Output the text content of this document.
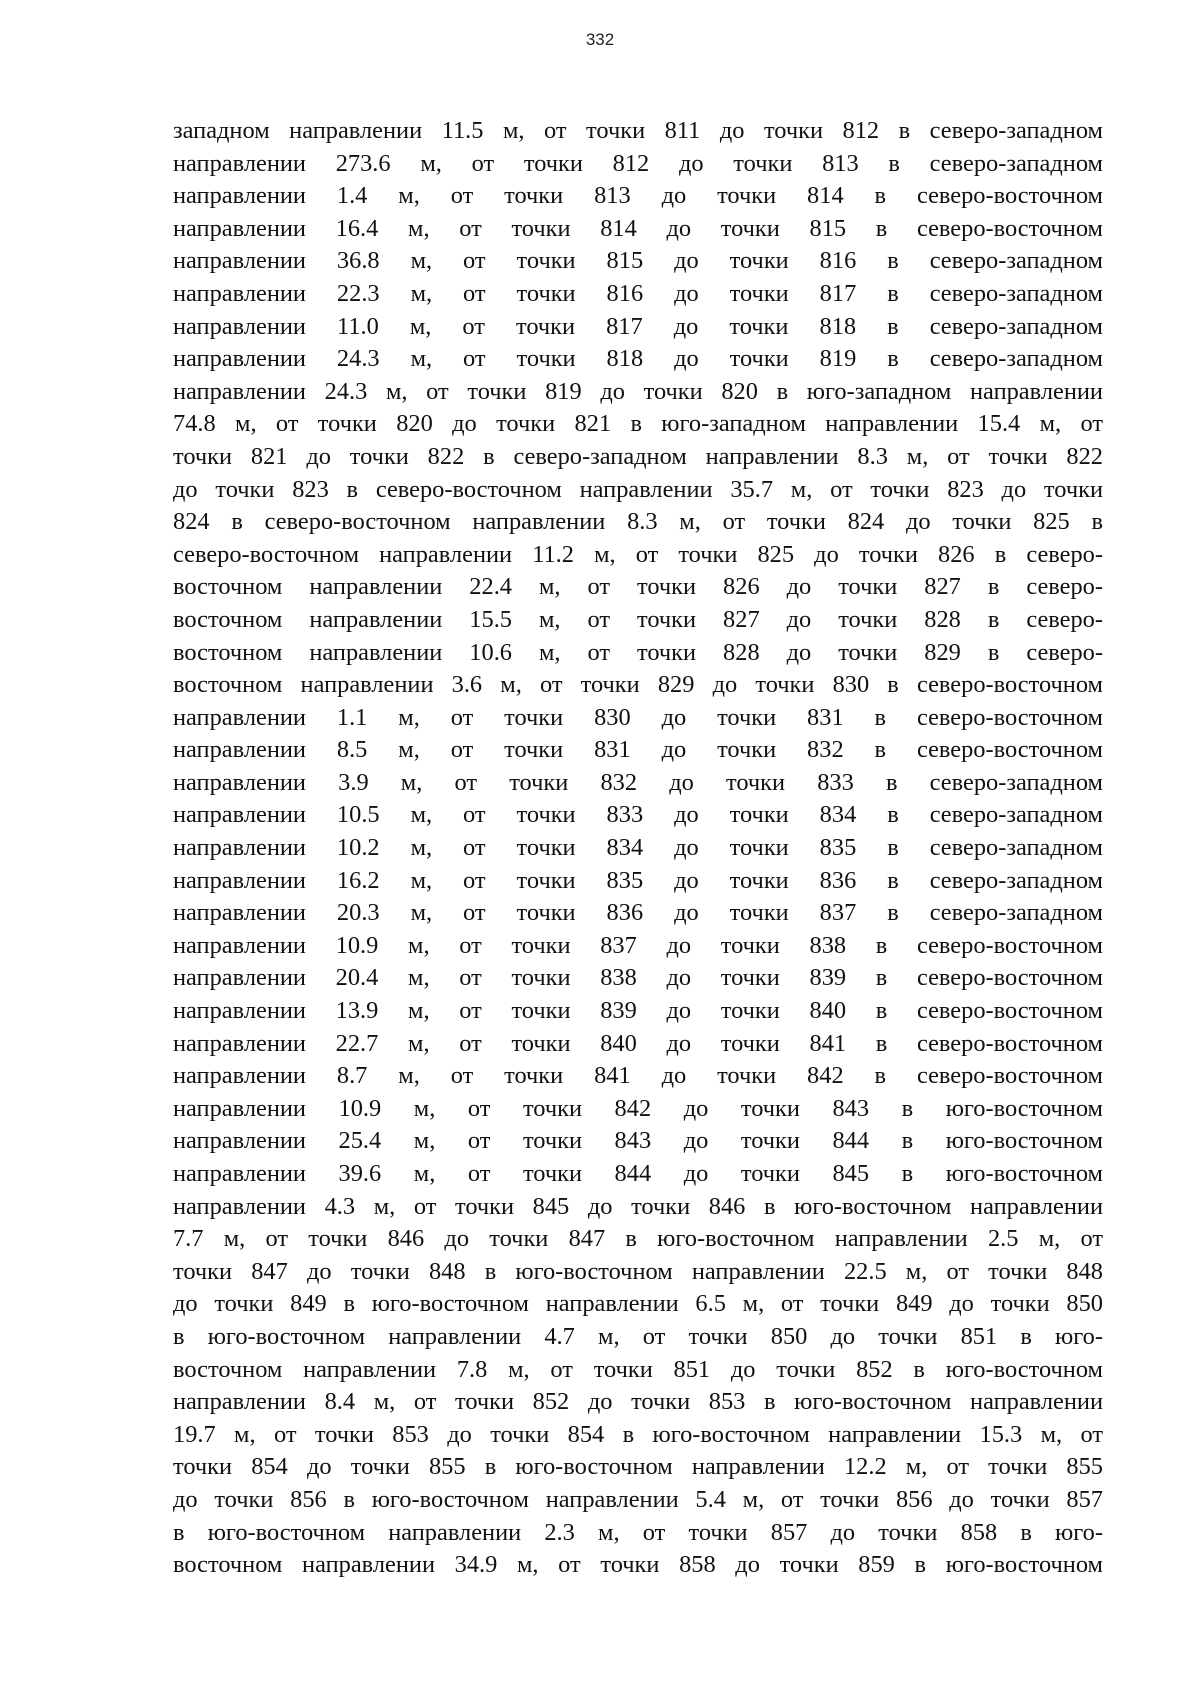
332

западном направлении 11.5 м, от точки 811 до точки 812 в северо-западном
направлении 273.6 м, от точки 812 до точки 813 в северо-западном
направлении 1.4 м, от точки 813 до точки 814 в северо-восточном
направлении 16.4 м, от точки 814 до точки 815 в северо-восточном
направлении 36.8 м, от точки 815 до точки 816 в северо-западном
направлении 22.3 м, от точки 816 до точки 817 в северо-западном
направлении 11.0 м, от точки 817 до точки 818 в северо-западном
направлении 24.3 м, от точки 818 до точки 819 в северо-западном
направлении 24.3 м, от точки 819 до точки 820 в юго-западном направлении
74.8 м, от точки 820 до точки 821 в юго-западном направлении 15.4 м, от
точки 821 до точки 822 в северо-западном направлении 8.3 м, от точки 822
до точки 823 в северо-восточном направлении 35.7 м, от точки 823 до точки
824 в северо-восточном направлении 8.3 м, от точки 824 до точки 825 в
северо-восточном направлении 11.2 м, от точки 825 до точки 826 в северо-
восточном направлении 22.4 м, от точки 826 до точки 827 в северо-
восточном направлении 15.5 м, от точки 827 до точки 828 в северо-
восточном направлении 10.6 м, от точки 828 до точки 829 в северо-
восточном направлении 3.6 м, от точки 829 до точки 830 в северо-восточном
направлении 1.1 м, от точки 830 до точки 831 в северо-восточном
направлении 8.5 м, от точки 831 до точки 832 в северо-восточном
направлении 3.9 м, от точки 832 до точки 833 в северо-западном
направлении 10.5 м, от точки 833 до точки 834 в северо-западном
направлении 10.2 м, от точки 834 до точки 835 в северо-западном
направлении 16.2 м, от точки 835 до точки 836 в северо-западном
направлении 20.3 м, от точки 836 до точки 837 в северо-западном
направлении 10.9 м, от точки 837 до точки 838 в северо-восточном
направлении 20.4 м, от точки 838 до точки 839 в северо-восточном
направлении 13.9 м, от точки 839 до точки 840 в северо-восточном
направлении 22.7 м, от точки 840 до точки 841 в северо-восточном
направлении 8.7 м, от точки 841 до точки 842 в северо-восточном
направлении 10.9 м, от точки 842 до точки 843 в юго-восточном
направлении 25.4 м, от точки 843 до точки 844 в юго-восточном
направлении 39.6 м, от точки 844 до точки 845 в юго-восточном
направлении 4.3 м, от точки 845 до точки 846 в юго-восточном направлении
7.7 м, от точки 846 до точки 847 в юго-восточном направлении 2.5 м, от
точки 847 до точки 848 в юго-восточном направлении 22.5 м, от точки 848
до точки 849 в юго-восточном направлении 6.5 м, от точки 849 до точки 850
в юго-восточном направлении 4.7 м, от точки 850 до точки 851 в юго-
восточном направлении 7.8 м, от точки 851 до точки 852 в юго-восточном
направлении 8.4 м, от точки 852 до точки 853 в юго-восточном направлении
19.7 м, от точки 853 до точки 854 в юго-восточном направлении 15.3 м, от
точки 854 до точки 855 в юго-восточном направлении 12.2 м, от точки 855
до точки 856 в юго-восточном направлении 5.4 м, от точки 856 до точки 857
в юго-восточном направлении 2.3 м, от точки 857 до точки 858 в юго-
восточном направлении 34.9 м, от точки 858 до точки 859 в юго-восточном
